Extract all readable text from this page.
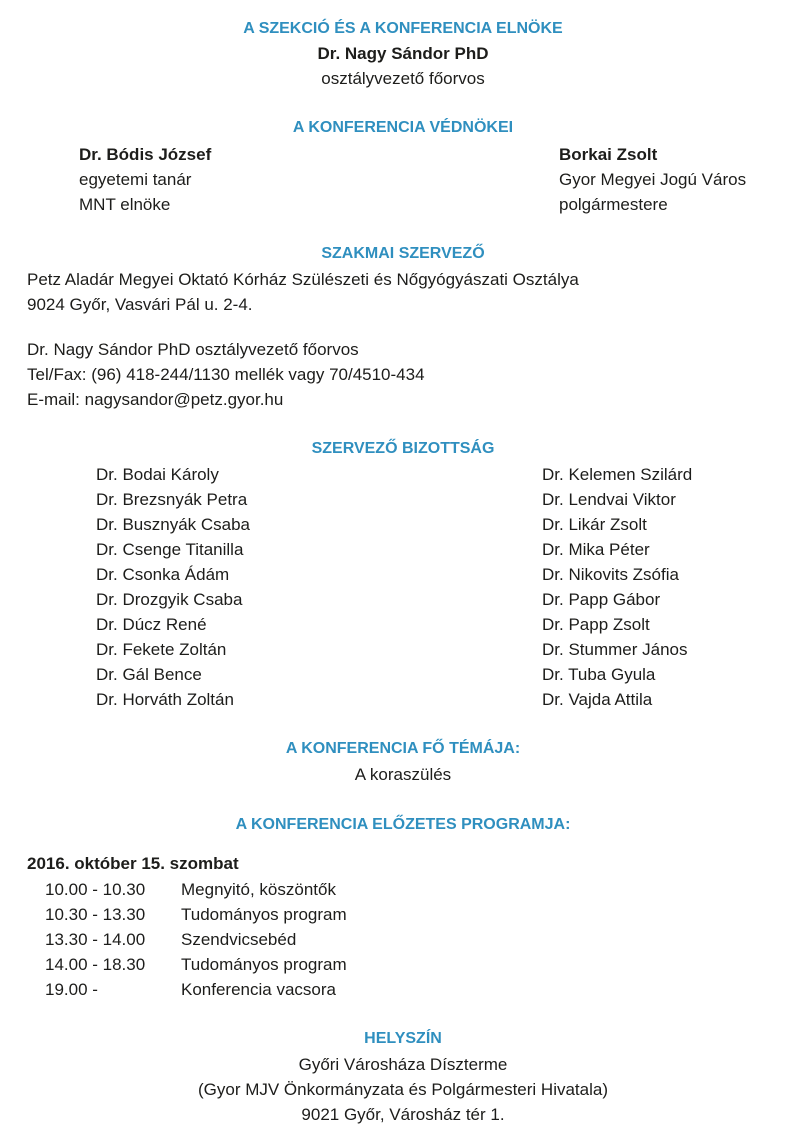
A SZEKCIÓ ÉS A KONFERENCIA ELNÖKE
Dr. Nagy Sándor PhD
osztályvezető főorvos
A KONFERENCIA VÉDNÖKEI
Dr. Bódis József
egyetemi tanár
MNT elnöke
Borkai Zsolt
Gyor Megyei Jogú Város
polgármestere
SZAKMAI SZERVEZŐ
Petz Aladár Megyei Oktató Kórház Szülészeti és Nőgyógyászati Osztálya
9024 Győr, Vasvári Pál u. 2-4.
Dr. Nagy Sándor PhD osztályvezető főorvos
Tel/Fax: (96) 418-244/1130 mellék vagy 70/4510-434
E-mail: nagysandor@petz.gyor.hu
SZERVEZŐ BIZOTTSÁG
Dr. Bodai Károly
Dr. Brezsnyák Petra
Dr. Busznyák Csaba
Dr. Csenge Titanilla
Dr. Csonka Ádám
Dr. Drozgyik Csaba
Dr. Dúcz René
Dr. Fekete Zoltán
Dr. Gál Bence
Dr. Horváth Zoltán
Dr. Kelemen Szilárd
Dr. Lendvai Viktor
Dr. Likár Zsolt
Dr. Mika Péter
Dr. Nikovits Zsófia
Dr. Papp Gábor
Dr. Papp Zsolt
Dr. Stummer János
Dr. Tuba Gyula
Dr. Vajda Attila
A KONFERENCIA FŐ TÉMÁJA:
A koraszülés
A KONFERENCIA ELŐZETES PROGRAMJA:
2016. október 15. szombat
10.00 - 10.30 Megnyitó, köszöntők
10.30 - 13.30 Tudományos program
13.30 - 14.00 Szendvicsebéd
14.00 - 18.30 Tudományos program
19.00 -	Konferencia vacsora
HELYSZÍN
Győri Városháza Díszterme
(Gyor MJV Önkormányzata és Polgármesteri Hivatala)
9021 Győr, Városház tér 1.
